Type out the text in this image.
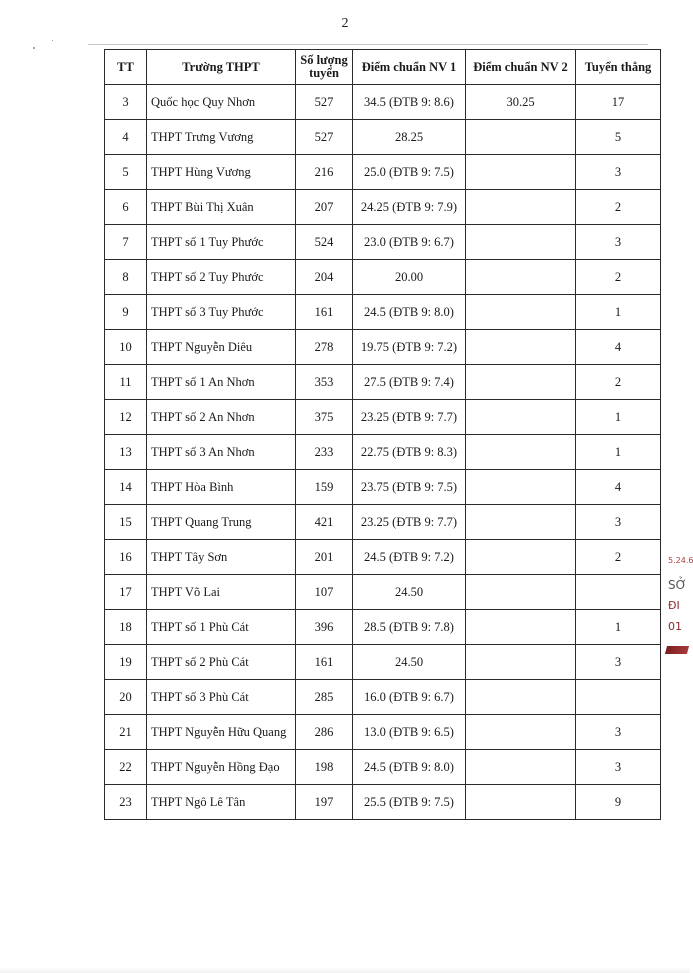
2
TT	Trường THPT	Số lượng tuyển	Điểm chuẩn NV 1	Điểm chuẩn NV 2	Tuyển thẳng
3	Quốc học Quy Nhơn	527	34.5 (ĐTB 9: 8.6)	30.25	17
4	THPT Trưng Vương	527	28.25		5
5	THPT Hùng Vương	216	25.0 (ĐTB 9: 7.5)		3
6	THPT Bùi Thị Xuân	207	24.25 (ĐTB 9: 7.9)		2
7	THPT số 1 Tuy Phước	524	23.0 (ĐTB 9: 6.7)		3
8	THPT số 2 Tuy Phước	204	20.00		2
9	THPT số 3 Tuy Phước	161	24.5 (ĐTB 9: 8.0)		1
10	THPT Nguyễn Diêu	278	19.75 (ĐTB 9: 7.2)		4
11	THPT số 1 An Nhơn	353	27.5 (ĐTB 9: 7.4)		2
12	THPT số 2 An Nhơn	375	23.25 (ĐTB 9: 7.7)		1
13	THPT số 3 An Nhơn	233	22.75 (ĐTB 9: 8.3)		1
14	THPT Hòa Bình	159	23.75 (ĐTB 9: 7.5)		4
15	THPT Quang Trung	421	23.25 (ĐTB 9: 7.7)		3
16	THPT Tây Sơn	201	24.5 (ĐTB 9: 7.2)		2
17	THPT Võ Lai	107	24.50		
18	THPT số 1 Phù Cát	396	28.5 (ĐTB 9: 7.8)		1
19	THPT số 2 Phù Cát	161	24.50		3
20	THPT số 3 Phù Cát	285	16.0 (ĐTB 9: 6.7)		
21	THPT Nguyễn Hữu Quang	286	13.0 (ĐTB 9: 6.5)		3
22	THPT Nguyễn Hồng Đạo	198	24.5 (ĐTB 9: 8.0)		3
23	THPT Ngô Lê Tân	197	25.5 (ĐTB 9: 7.5)		9
5.24.6
SỞ
ĐI
01
